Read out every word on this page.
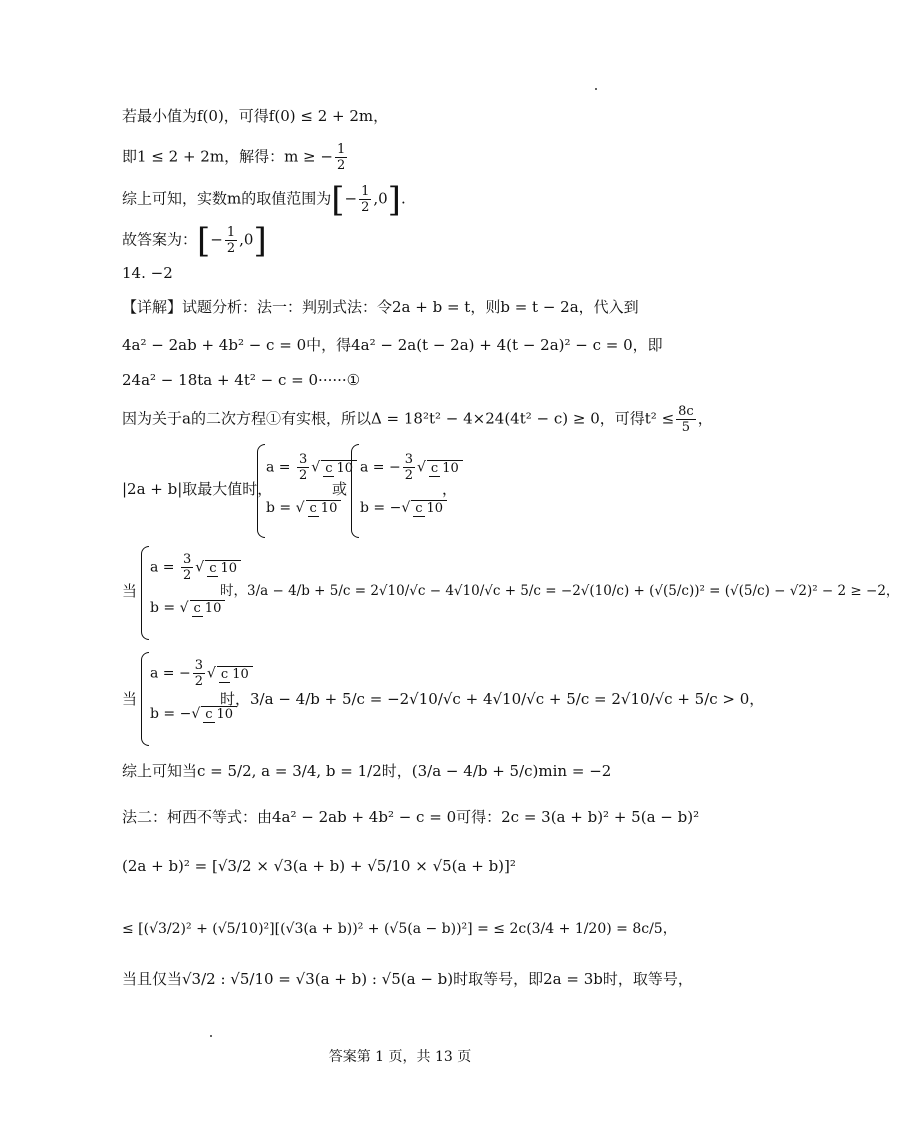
若最小值为f(0)，可得f(0) ≤ 2 + 2m，
即1 ≤ 2 + 2m，解得：m ≥ − $\frac{1}{2}$
综上可知，实数m的取值范围为[− $\frac{1}{2} ,0$].
故答案为：[− $\frac{1}{2} ,0$]
14. −2
【详解】试题分析：法一：判别式法：令2a + b = t，则b = t − 2a，代入到
4a² − 2ab + 4b² − c = 0中，得4a² − 2a(t − 2a) + 4(t − 2a)² − c = 0，即
24a² − 18ta + 4t² − c = 0······①
因为关于a的二次方程①有实根，所以Δ = 18²t² − 4×24(4t² − c) ≥ 0，可得$t^2 \le \frac{8c}{5}$ ，
|2a + b|取最大值时，
$a = \frac{3}{2}$ √ c 10
b = √ c 10
或
a = − $\frac{3}{2}$ √ c 10
b = −√ c 10
，
当
$a = \frac{3}{2}$ √ c 10
b = √ c 10
时，3/a − 4/b + 5/c = 2√10/√c − 4√10/√c + 5/c = −2√(10/c) + (√(5/c))² = (√(5/c) − √2)² − 2 ≥ −2，
当
a = − $\frac{3}{2}$ √ c 10
b = −√ c 10
时，3/a − 4/b + 5/c = −2√10/√c + 4√10/√c + 5/c = 2√10/√c + 5/c > 0，
综上可知当c = 5/2, a = 3/4, b = 1/2时，(3/a − 4/b + 5/c)min = −2
法二：柯西不等式：由4a² − 2ab + 4b² − c = 0可得：2c = 3(a + b)² + 5(a − b)²
(2a + b)² = [√3/2 × √3(a + b) + √5/10 × √5(a + b)]²
≤ [(√3/2)² + (√5/10)²][(√3(a + b))² + (√5(a − b))²] = ≤ 2c(3/4 + 1/20) = 8c/5，
当且仅当√3/2 : √5/10 = √3(a + b) : √5(a − b)时取等号，即2a = 3b时，取等号，
答案第 1 页，共 13 页
